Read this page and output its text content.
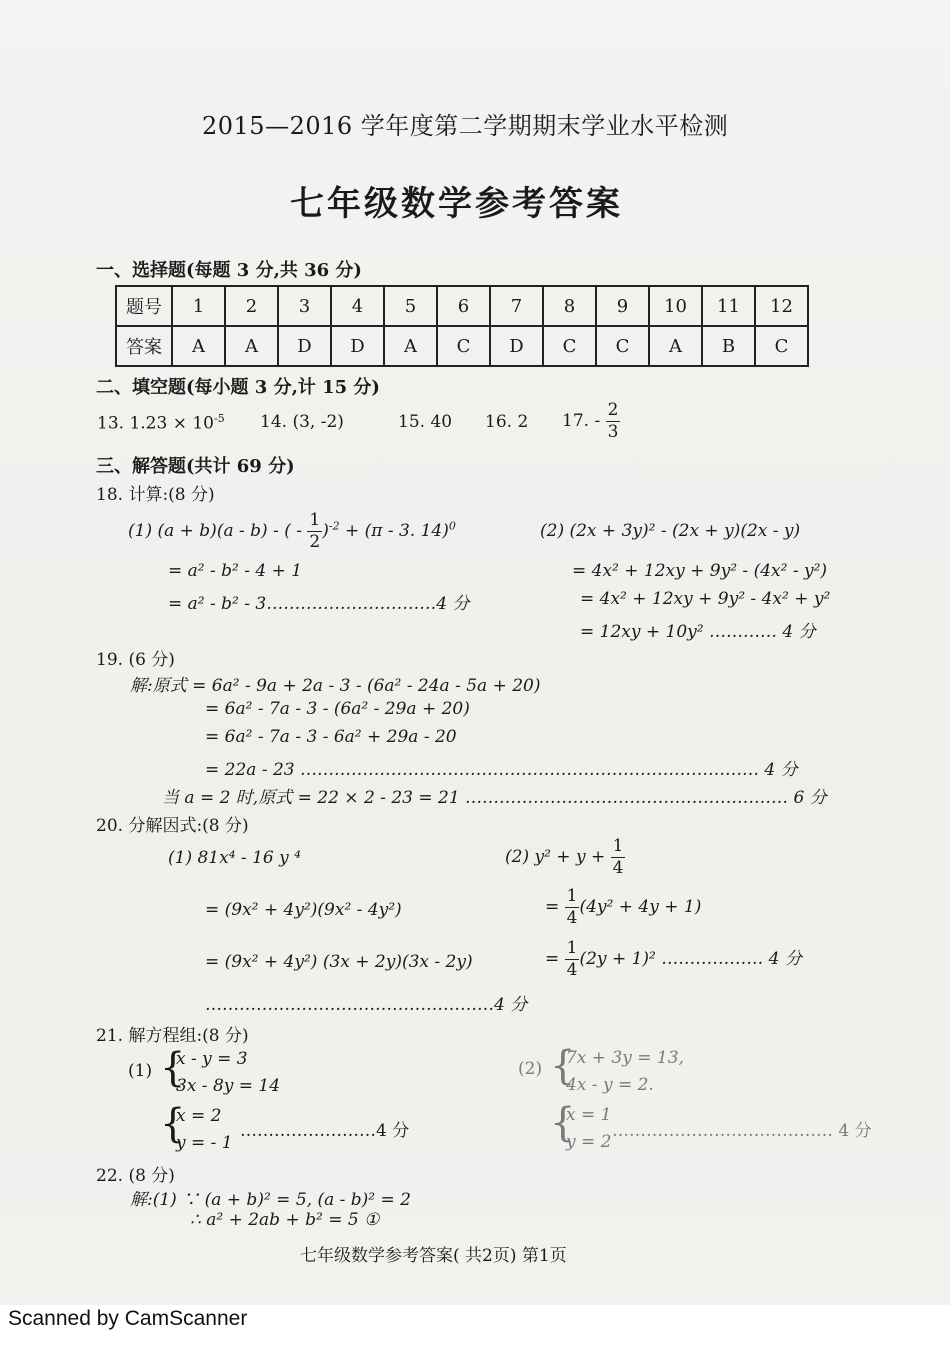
2015—2016 学年度第二学期期末学业水平检测
七年级数学参考答案
一、选择题(每题 3 分,共 36 分)
题号	1	2	3	4	5	6	7	8	9	10	11	12
答案	A	A	D	D	A	C	D	C	C	A	B	C
二、填空题(每小题 3 分,计 15 分)
13. $1.23 \times 10^{-5}$ 14. (3, -2)	15. 40 16. 2 17. - $\frac{2}{3}$
三、解答题(共计 69 分)
18. 计算:(8 分)
(1) (a + b)(a - b) - ( - $\frac{1}{2} )^{-2} + (\pi - 3$. 14)$^0$
= a² - b² - 4 + 1
= a² - b² - 3…………………………4 分
(2) (2x + 3y)² - (2x + y)(2x - y)
= 4x² + 12xy + 9y² - (4x² - y²)
= 4x² + 12xy + 9y² - 4x² + y²
= 12xy + 10y² ………… 4 分
19. (6 分)
解:原式 = 6a² - 9a + 2a - 3 - (6a² - 24a - 5a + 20)
= 6a² - 7a - 3 - (6a² - 29a + 20)
= 6a² - 7a - 3 - 6a² + 29a - 20
= 22a - 23 ……………………………………………………………………… 4 分
当 a = 2 时,原式 = 22 × 2 - 23 = 21 ………………………………………………… 6 分
20. 分解因式:(8 分)
(1) 81x⁴ - 16 y ⁴
= (9x² + 4y²)(9x² - 4y²)
= (9x² + 4y²) (3x + 2y)(3x - 2y)
……………………………………………4 分
(2) $y^2 + y + \frac{1}{4}$
= $\frac{1}{4} (4y^2 + 4y + 1)$
= $\frac{1}{4} (2y + 1)^2$ ……………… 4 分
21. 解方程组:(8 分)
(1) {
x - y = 3
3x - 8y = 14
{
x = 2
y = - 1
……………………4 分
(2) {
7x + 3y = 13,
4x - y = 2.
{
x = 1
y = 2
………………………………… 4 分
22. (8 分)
解:(1) ∵ (a + b)² = 5, (a - b)² = 2
∴ a² + 2ab + b² = 5 ①
七年级数学参考答案( 共2页) 第1页
Scanned by CamScanner
